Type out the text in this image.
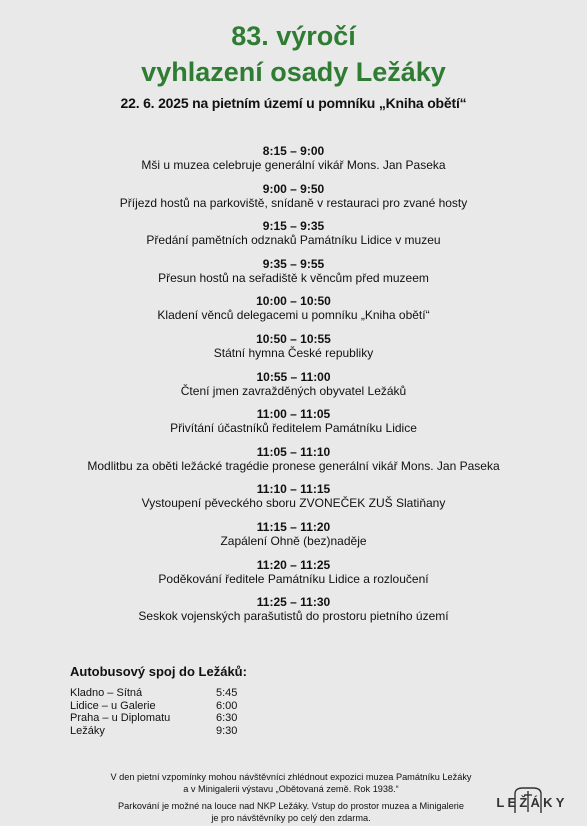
83. výročí
vyhlazení osady Ležáky
22. 6. 2025 na pietním území u pomníku „Kniha obětí“
8:15 – 9:00
Mši u muzea celebruje generální vikář Mons. Jan Paseka
9:00 – 9:50
Příjezd hostů na parkoviště, snídaně v restauraci pro zvané hosty
9:15 – 9:35
Předání pamětních odznaků Památníku Lidice v muzeu
9:35 – 9:55
Přesun hostů na seřadiště k věncům před muzeem
10:00 – 10:50
Kladení věnců delegacemi u pomníku „Kniha obětí“
10:50 – 10:55
Státní hymna České republiky
10:55 – 11:00
Čtení jmen zavražděných obyvatel Ležáků
11:00 – 11:05
Přivítání účastníků ředitelem Památníku Lidice
11:05 – 11:10
Modlitbu za oběti ležácké tragédie pronese generální vikář Mons. Jan Paseka
11:10 – 11:15
Vystoupení pěveckého sboru ZVONEČEK ZUŠ Slatiňany
11:15 – 11:20
Zapálení Ohně (bez)naděje
11:20 – 11:25
Poděkování ředitele Památníku Lidice a rozloučení
11:25 – 11:30
Seskok vojenských parašutistů do prostoru pietního území
Autobusový spoj do Ležáků:
Kladno – Sítná	5:45
Lidice – u Galerie	6:00
Praha – u Diplomatu	6:30
Ležáky	9:30
V den pietní vzpomínky mohou návštěvníci zhlédnout expozici muzea Památníku Ležáky
a v Minigalerii výstavu „Obětovaná země. Rok 1938.“
Parkování je možné na louce nad NKP Ležáky. Vstup do prostor muzea a Minigalerie
je pro návštěvníky po celý den zdarma.
LEŽÁKY
